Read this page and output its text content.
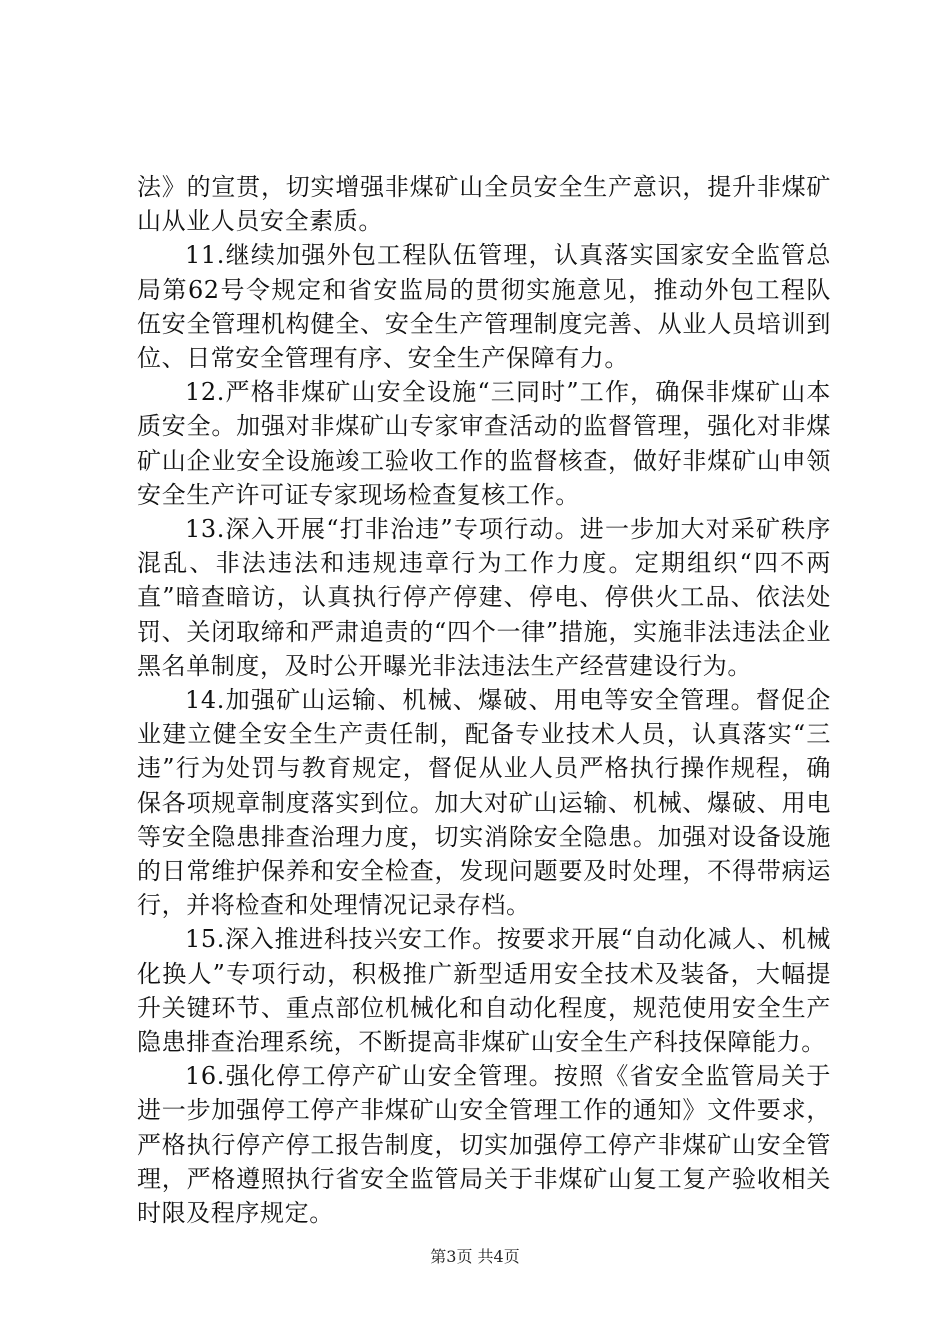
法》的宣贯，切实增强非煤矿山全员安全生产意识，提升非煤矿山从业人员安全素质。

11.继续加强外包工程队伍管理，认真落实国家安全监管总局第62号令规定和省安监局的贯彻实施意见，推动外包工程队伍安全管理机构健全、安全生产管理制度完善、从业人员培训到位、日常安全管理有序、安全生产保障有力。

12.严格非煤矿山安全设施“三同时”工作，确保非煤矿山本质安全。加强对非煤矿山专家审查活动的监督管理，强化对非煤矿山企业安全设施竣工验收工作的监督核查，做好非煤矿山申领安全生产许可证专家现场检查复核工作。

13.深入开展“打非治违”专项行动。进一步加大对采矿秩序混乱、非法违法和违规违章行为工作力度。定期组织“四不两直”暗查暗访，认真执行停产停建、停电、停供火工品、依法处罚、关闭取缔和严肃追责的“四个一律”措施，实施非法违法企业黑名单制度，及时公开曝光非法违法生产经营建设行为。

14.加强矿山运输、机械、爆破、用电等安全管理。督促企业建立健全安全生产责任制，配备专业技术人员，认真落实“三违”行为处罚与教育规定，督促从业人员严格执行操作规程，确保各项规章制度落实到位。加大对矿山运输、机械、爆破、用电等安全隐患排查治理力度，切实消除安全隐患。加强对设备设施的日常维护保养和安全检查，发现问题要及时处理，不得带病运行，并将检查和处理情况记录存档。

15.深入推进科技兴安工作。按要求开展“自动化减人、机械化换人”专项行动，积极推广新型适用安全技术及装备，大幅提升关键环节、重点部位机械化和自动化程度，规范使用安全生产隐患排查治理系统，不断提高非煤矿山安全生产科技保障能力。

16.强化停工停产矿山安全管理。按照《省安全监管局关于进一步加强停工停产非煤矿山安全管理工作的通知》文件要求，严格执行停产停工报告制度，切实加强停工停产非煤矿山安全管理，严格遵照执行省安全监管局关于非煤矿山复工复产验收相关时限及程序规定。

第3页 共4页
